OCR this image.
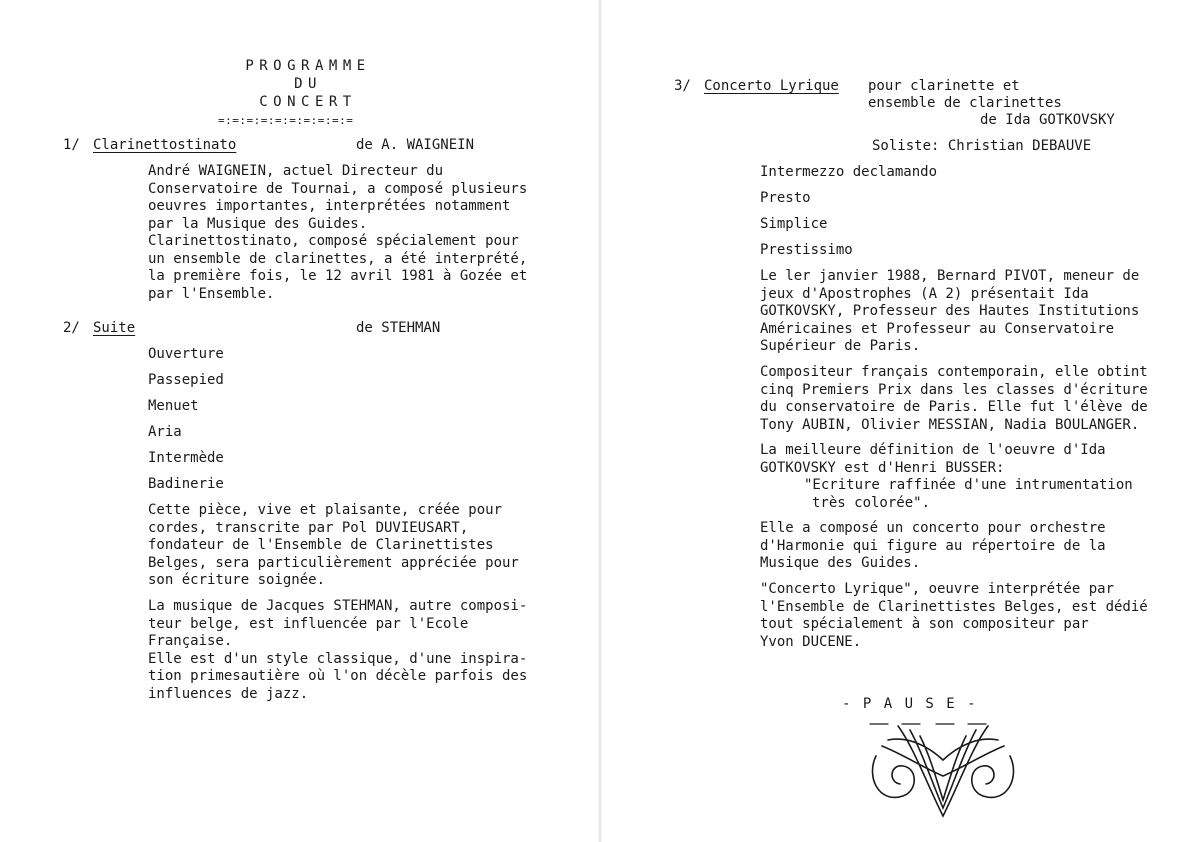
PROGRAMME
DU
CONCERT
=:=:=:=:=:=:=:=:=:=
1/ Clarinettostinato	de A. WAIGNEIN
André WAIGNEIN, actuel Directeur du
Conservatoire de Tournai, a composé plusieurs
oeuvres importantes, interprétées notamment
par la Musique des Guides.
Clarinettostinato, composé spécialement pour
un ensemble de clarinettes, a été interprété,
la première fois, le 12 avril 1981 à Gozée et
par l'Ensemble.
2/ Suite	de STEHMAN
Ouverture
Passepied
Menuet
Aria
Intermède
Badinerie
Cette pièce, vive et plaisante, créée pour
cordes, transcrite par Pol DUVIEUSART,
fondateur de l'Ensemble de Clarinettistes
Belges, sera particulièrement appréciée pour
son écriture soignée.
La musique de Jacques STEHMAN, autre composi-
teur belge, est influencée par l'Ecole
Française.
Elle est d'un style classique, d'une inspira-
tion primesautière où l'on décèle parfois des
influences de jazz.
3/ Concerto Lyrique pour clarinette et
ensemble de clarinettes
de Ida GOTKOVSKY
Soliste: Christian DEBAUVE
Intermezzo declamando
Presto
Simplice
Prestissimo
Le ler janvier 1988, Bernard PIVOT, meneur de
jeux d'Apostrophes (A 2) présentait Ida
GOTKOVSKY, Professeur des Hautes Institutions
Américaines et Professeur au Conservatoire
Supérieur de Paris.
Compositeur français contemporain, elle obtint
cinq Premiers Prix dans les classes d'écriture
du conservatoire de Paris. Elle fut l'élève de
Tony AUBIN, Olivier MESSIAN, Nadia BOULANGER.
La meilleure définition de l'oeuvre d'Ida
GOTKOVSKY est d'Henri BUSSER:
"Ecriture raffinée d'une intrumentation
très colorée".
Elle a composé un concerto pour orchestre
d'Harmonie qui figure au répertoire de la
Musique des Guides.
"Concerto Lyrique", oeuvre interprétée par
l'Ensemble de Clarinettistes Belges, est dédié
tout spécialement à son compositeur par
Yvon DUCENE.
- P A U S E -
